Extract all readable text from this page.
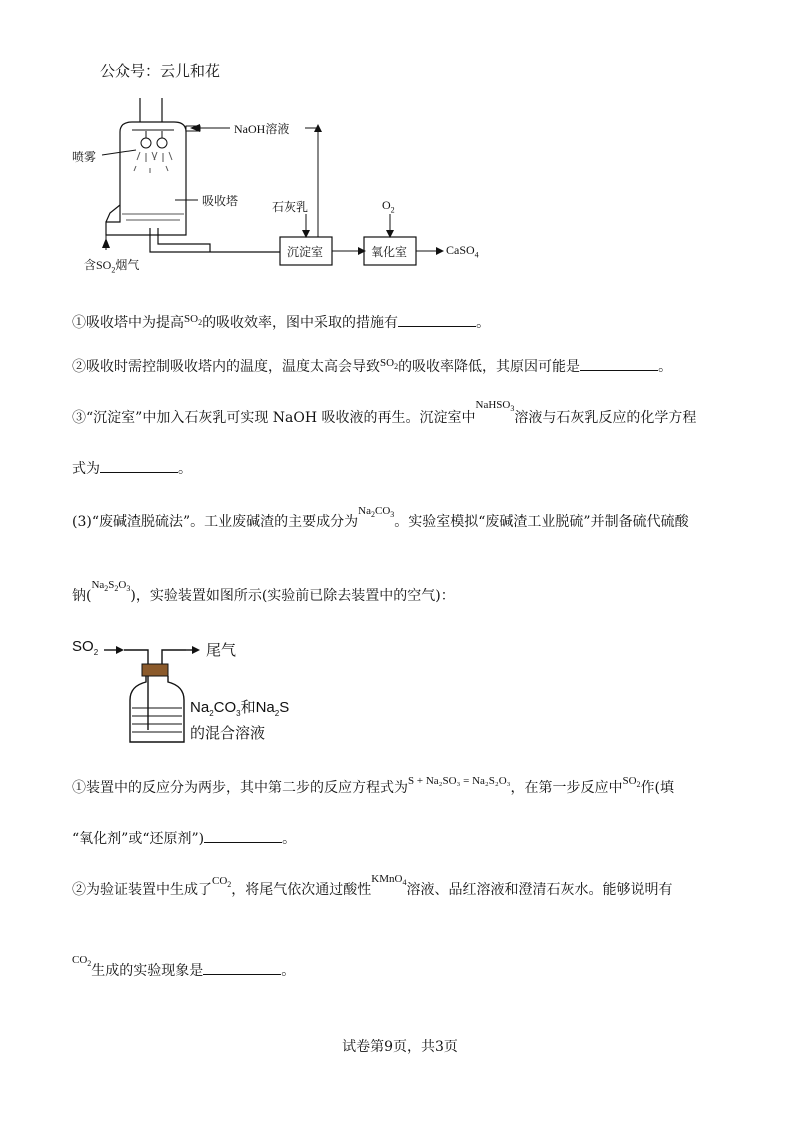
公众号：云儿和花
NaOH溶液
喷雾
吸收塔	石灰乳	$O_2$
沉淀室	氧化室	CaSO$_4$
含$SO_2$烟气
①吸收塔中为提高$^{SO_2}$的吸收效率，图中采取的措施有	。
②吸收时需控制吸收塔内的温度，温度太高会导致$^{SO_2}$的吸收率降低，其原因可能是	。
③“沉淀室”中加入石灰乳可实现 NaOH 吸收液的再生。沉淀室中$^{NaHSO_3}$溶液与石灰乳反应的化学方程
式为	。
(3)“废碱渣脱硫法”。工业废碱渣的主要成分为$^{Na_2CO_3}$。实验室模拟“废碱渣工业脱硫”并制备硫代硫酸
钠($^{Na_2S_2O_3}$)，实验装置如图所示(实验前已除去装置中的空气)：
$SO_2$	尾气
$Na_2CO_3$和$Na_2S$
的混合溶液
①装置中的反应分为两步，其中第二步的反应方程式为$^{S + Na_2SO_3 = Na_2S_2O_3}$，在第一步反应中$^{SO_2}$作(填
“氧化剂”或“还原剂”)	。
②为验证装置中生成了$^{CO_2}$，将尾气依次通过酸性$^{KMnO_4}$溶液、品红溶液和澄清石灰水。能够说明有
$^{CO_2}$生成的实验现象是	。
试卷第9页，共3页
